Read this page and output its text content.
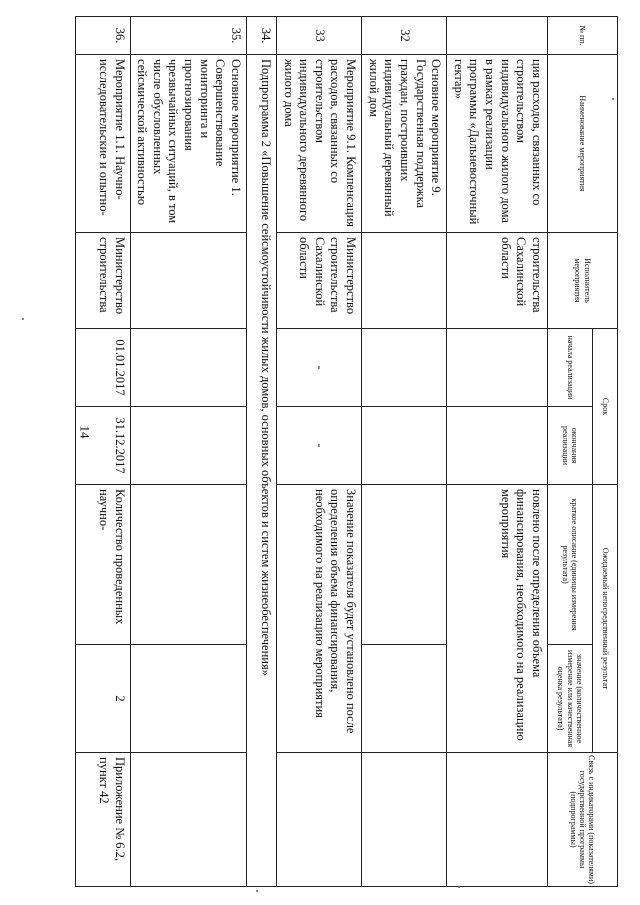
14
№ пп.	Наименование мероприятия	Исполнитель мероприятия	Срок		Ожидаемый непосредственный результат		Связь с индикаторами (показателями) государственной программы (подпрограммы)
			начала реализации	окончания реализации	краткое описание (единицы измерения результата)	значение (количественное измерение или качественная оценка результата)	

	ция расходов, связанных со строительством индивидуального жилого дома в рамках реализации программы «Дальневосточный гектар»	строительства Сахалинской области			новлено после определения объема финансирования, необходимого на реализацию мероприятия		
32	Основное мероприятие 9. Государственная поддержка граждан, построивших индивидуальный деревянный жилой дом						
33	Мероприятие 9.1. Компенсация расходов, связанных со строительством индивидуального деревянного жилого дома	Министерство строительства Сахалинской области	-	-	Значение показателя будет установлено после определения объема финансирования, необходимого на реализацию мероприятия		
34.	Подпрограмма 2 «Повышение сейсмоустойчивости жилых домов, основных объектов и систем жизнеобеспечения»						
35.	Основное мероприятие 1. Совершенствование мониторинга и прогнозирования чрезвычайных ситуаций, в том числе обусловленных сейсмической активностью						
36.	Мероприятие 1.1. Научно-исследовательские и опытно-	Министерство строительства	01.01.2017	31.12.2017	Количество проведенных научно-	2	Приложение № 6.2, пункт 42
